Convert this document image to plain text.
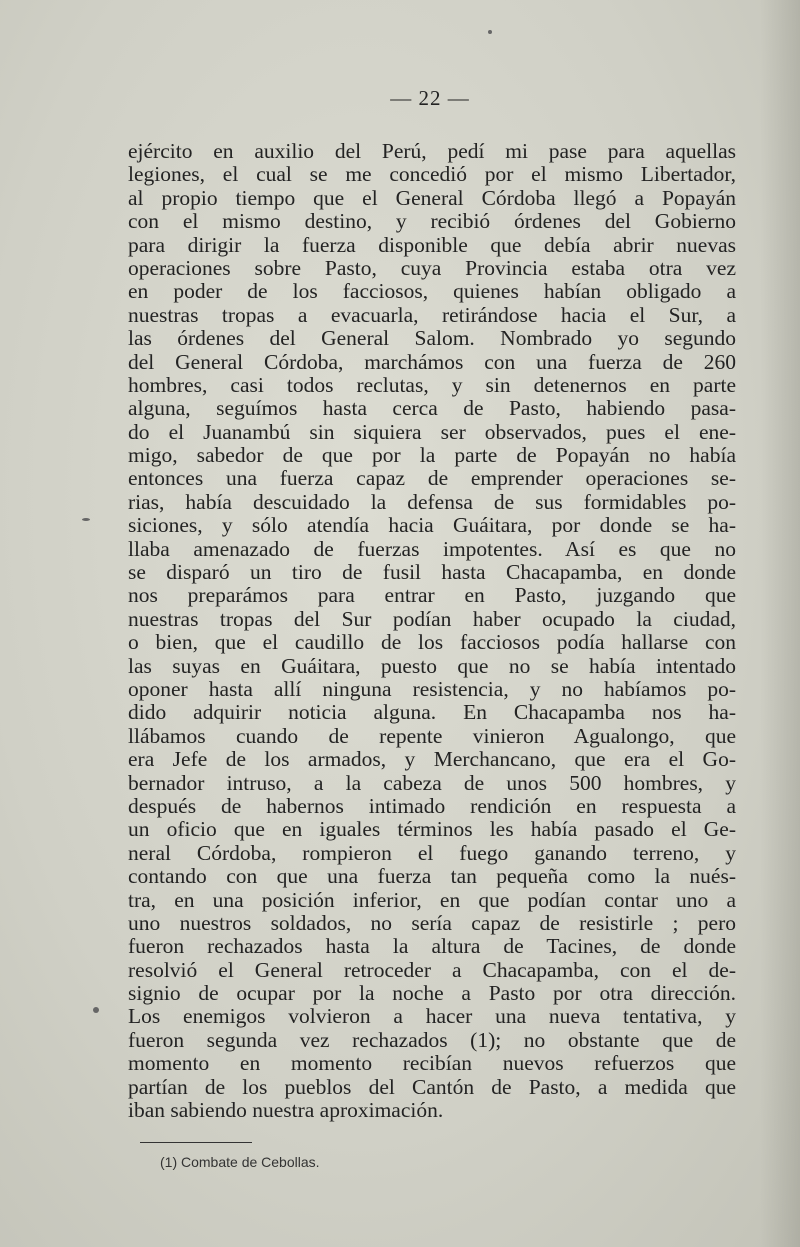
— 22 —
ejército en auxilio del Perú, pedí mi pase para aquellas
legiones, el cual se me concedió por el mismo Libertador,
al propio tiempo que el General Córdoba llegó a Popayán
con el mismo destino, y recibió órdenes del Gobierno
para dirigir la fuerza disponible que debía abrir nuevas
operaciones sobre Pasto, cuya Provincia estaba otra vez
en poder de los facciosos, quienes habían obligado a
nuestras tropas a evacuarla, retirándose hacia el Sur, a
las órdenes del General Salom. Nombrado yo segundo
del General Córdoba, marchámos con una fuerza de 260
hombres, casi todos reclutas, y sin detenernos en parte
alguna, seguímos hasta cerca de Pasto, habiendo pasa-
do el Juanambú sin siquiera ser observados, pues el ene-
migo, sabedor de que por la parte de Popayán no había
entonces una fuerza capaz de emprender operaciones se-
rias, había descuidado la defensa de sus formidables po-
siciones, y sólo atendía hacia Guáitara, por donde se ha-
llaba amenazado de fuerzas impotentes. Así es que no
se disparó un tiro de fusil hasta Chacapamba, en donde
nos preparámos para entrar en Pasto, juzgando que
nuestras tropas del Sur podían haber ocupado la ciudad,
o bien, que el caudillo de los facciosos podía hallarse con
las suyas en Guáitara, puesto que no se había intentado
oponer hasta allí ninguna resistencia, y no habíamos po-
dido adquirir noticia alguna. En Chacapamba nos ha-
llábamos cuando de repente vinieron Agualongo, que
era Jefe de los armados, y Merchancano, que era el Go-
bernador intruso, a la cabeza de unos 500 hombres, y
después de habernos intimado rendición en respuesta a
un oficio que en iguales términos les había pasado el Ge-
neral Córdoba, rompieron el fuego ganando terreno, y
contando con que una fuerza tan pequeña como la nués-
tra, en una posición inferior, en que podían contar uno a
uno nuestros soldados, no sería capaz de resistirle ; pero
fueron rechazados hasta la altura de Tacines, de donde
resolvió el General retroceder a Chacapamba, con el de-
signio de ocupar por la noche a Pasto por otra dirección.
Los enemigos volvieron a hacer una nueva tentativa, y
fueron segunda vez rechazados (1); no obstante que de
momento en momento recibían nuevos refuerzos que
partían de los pueblos del Cantón de Pasto, a medida que
iban sabiendo nuestra aproximación.
(1) Combate de Cebollas.
